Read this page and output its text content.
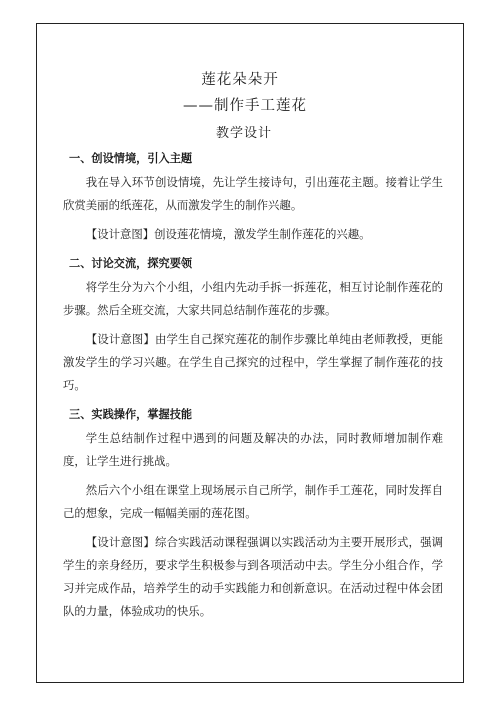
莲花朵朵开
——制作手工莲花
教学设计
一、创设情境，引入主题

我在导入环节创设情境，先让学生接诗句，引出莲花主题。接着让学生欣赏美丽的纸莲花，从而激发学生的制作兴趣。

【设计意图】创设莲花情境，激发学生制作莲花的兴趣。

二、讨论交流，探究要领

将学生分为六个小组，小组内先动手拆一拆莲花，相互讨论制作莲花的步骤。然后全班交流，大家共同总结制作莲花的步骤。

【设计意图】由学生自己探究莲花的制作步骤比单纯由老师教授，更能激发学生的学习兴趣。在学生自己探究的过程中，学生掌握了制作莲花的技巧。

三、实践操作，掌握技能

学生总结制作过程中遇到的问题及解决的办法，同时教师增加制作难度，让学生进行挑战。

然后六个小组在课堂上现场展示自己所学，制作手工莲花，同时发挥自己的想象，完成一幅幅美丽的莲花图。

【设计意图】综合实践活动课程强调以实践活动为主要开展形式，强调学生的亲身经历，要求学生积极参与到各项活动中去。学生分小组合作，学习并完成作品，培养学生的动手实践能力和创新意识。在活动过程中体会团队的力量，体验成功的快乐。
